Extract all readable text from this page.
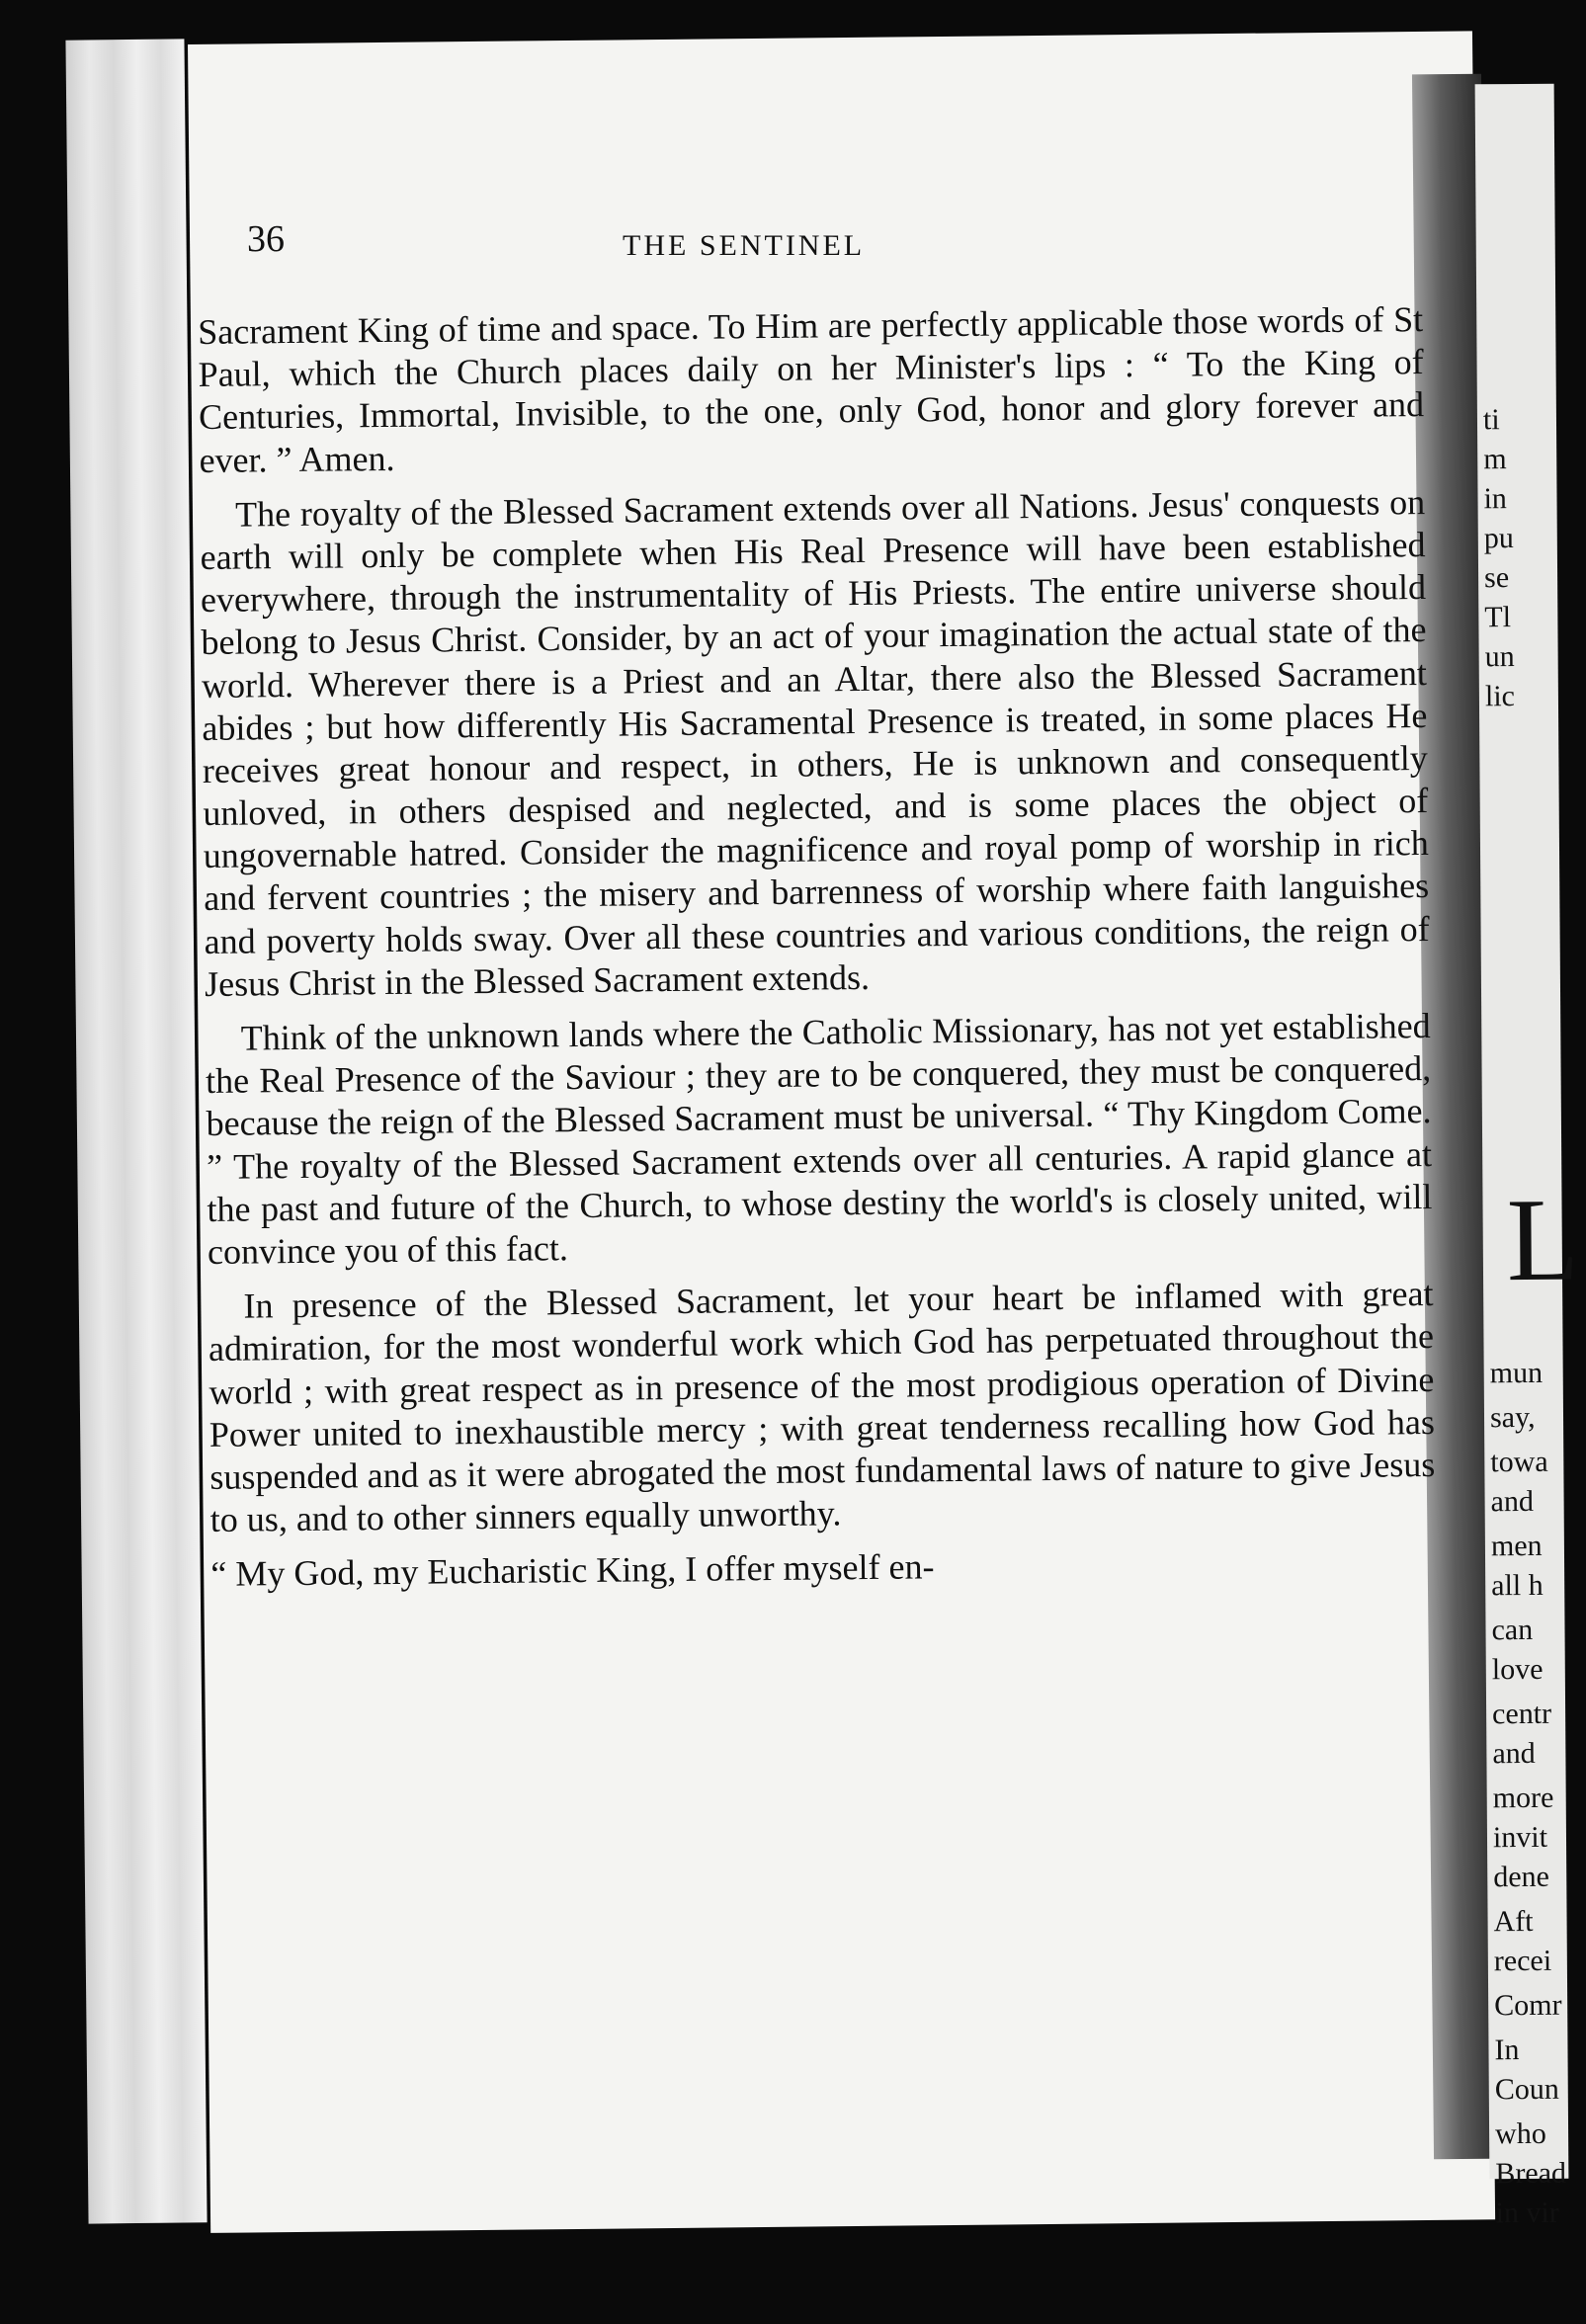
ti
m
in
pu
se
Tl
un
lic
L
mun
say,
towa
and
men
all h
can
love
centr
and
more
invit
dene
Aft
recei
Comr
In
Coun
who
Bread
in vir
36	THE SENTINEL

Sacrament King of time and space. To Him are perfectly applicable those words of St Paul, which the Church places daily on her Minister's lips : “ To the King of Centuries, Immortal, Invisible, to the one, only God, honor and glory forever and ever. ” Amen.

The royalty of the Blessed Sacrament extends over all Nations. Jesus' conquests on earth will only be complete when His Real Presence will have been established everywhere, through the instrumentality of His Priests. The entire universe should belong to Jesus Christ. Consider, by an act of your imagination the actual state of the world. Wherever there is a Priest and an Altar, there also the Blessed Sacrament abides ; but how differently His Sacramental Presence is treated, in some places He receives great honour and respect, in others, He is unknown and consequently unloved, in others despised and neglected, and is some places the object of ungovernable hatred. Consider the magnificence and royal pomp of worship in rich and fervent countries ; the misery and barrenness of worship where faith languishes and poverty holds sway. Over all these countries and various conditions, the reign of Jesus Christ in the Blessed Sacrament extends.

Think of the unknown lands where the Catholic Missionary, has not yet established the Real Presence of the Saviour ; they are to be conquered, they must be conquered, because the reign of the Blessed Sacrament must be universal. “ Thy Kingdom Come. ” The royalty of the Blessed Sacrament extends over all centuries. A rapid glance at the past and future of the Church, to whose destiny the world's is closely united, will convince you of this fact.

In presence of the Blessed Sacrament, let your heart be inflamed with great admiration, for the most wonderful work which God has perpetuated throughout the world ; with great respect as in presence of the most prodigious operation of Divine Power united to inexhaustible mercy ; with great tenderness recalling how God has suspended and as it were abrogated the most fundamental laws of nature to give Jesus to us, and to other sinners equally unworthy.

“ My God, my Eucharistic King, I offer myself en-
